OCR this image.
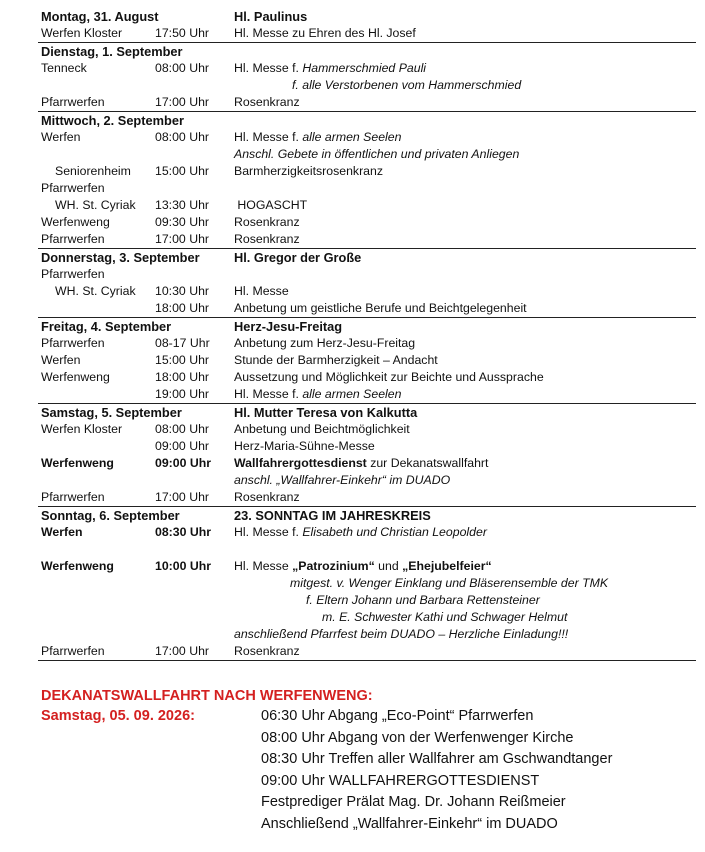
Montag, 31. August	Hl. Paulinus
Werfen Kloster	17:50 Uhr Hl. Messe zu Ehren des Hl. Josef
Dienstag, 1. September
Tenneck	08:00 Uhr Hl. Messe f. Hammerschmied Pauli
f. alle Verstorbenen vom Hammerschmied
Pfarrwerfen	17:00 Uhr Rosenkranz
Mittwoch, 2. September
Werfen	08:00 Uhr Hl. Messe f. alle armen Seelen
Anschl. Gebete in öffentlichen und privaten Anliegen
Seniorenheim 15:00 Uhr Barmherzigkeitsrosenkranz
Pfarrwerfen
WH. St. Cyriak 13:30 Uhr HOGASCHT
Werfenweng	09:30 Uhr Rosenkranz
Pfarrwerfen	17:00 Uhr Rosenkranz
Donnerstag, 3. September	Hl. Gregor der Große
Pfarrwerfen
WH. St. Cyriak 10:30 Uhr Hl. Messe
18:00 Uhr Anbetung um geistliche Berufe und Beichtgelegenheit
Freitag, 4. September	Herz-Jesu-Freitag
Pfarrwerfen	08-17 Uhr Anbetung zum Herz-Jesu-Freitag
Werfen	15:00 Uhr Stunde der Barmherzigkeit – Andacht
Werfenweng	18:00 Uhr Aussetzung und Möglichkeit zur Beichte und Aussprache
19:00 Uhr Hl. Messe f. alle armen Seelen
Samstag, 5. September	Hl. Mutter Teresa von Kalkutta
Werfen Kloster	08:00 Uhr Anbetung und Beichtmöglichkeit
09:00 Uhr Herz-Maria-Sühne-Messe
Werfenweng	09:00 Uhr Wallfahrergottesdienst zur Dekanatswallfahrt
anschl. „Wallfahrer-Einkehr“ im DUADO
Pfarrwerfen	17:00 Uhr Rosenkranz
Sonntag, 6. September	23. SONNTAG IM JAHRESKREIS
Werfen	08:30 Uhr Hl. Messe f. Elisabeth und Christian Leopolder
Werfenweng	10:00 Uhr Hl. Messe „Patrozinium“ und „Ehejubelfeier“
mitgest. v. Wenger Einklang und Bläserensemble der TMK
f. Eltern Johann und Barbara Rettensteiner
m. E. Schwester Kathi und Schwager Helmut
anschließend Pfarrfest beim DUADO – Herzliche Einladung!!!
Pfarrwerfen	17:00 Uhr Rosenkranz
DEKANATSWALLFAHRT NACH WERFENWENG:
Samstag, 05. 09. 2026:	06:30 Uhr Abgang „Eco-Point“ Pfarrwerfen
08:00 Uhr Abgang von der Werfenwenger Kirche
08:30 Uhr Treffen aller Wallfahrer am Gschwandtanger
09:00 Uhr WALLFAHRERGOTTESDIENST
Festprediger Prälat Mag. Dr. Johann Reißmeier
Anschließend „Wallfahrer-Einkehr“ im DUADO
